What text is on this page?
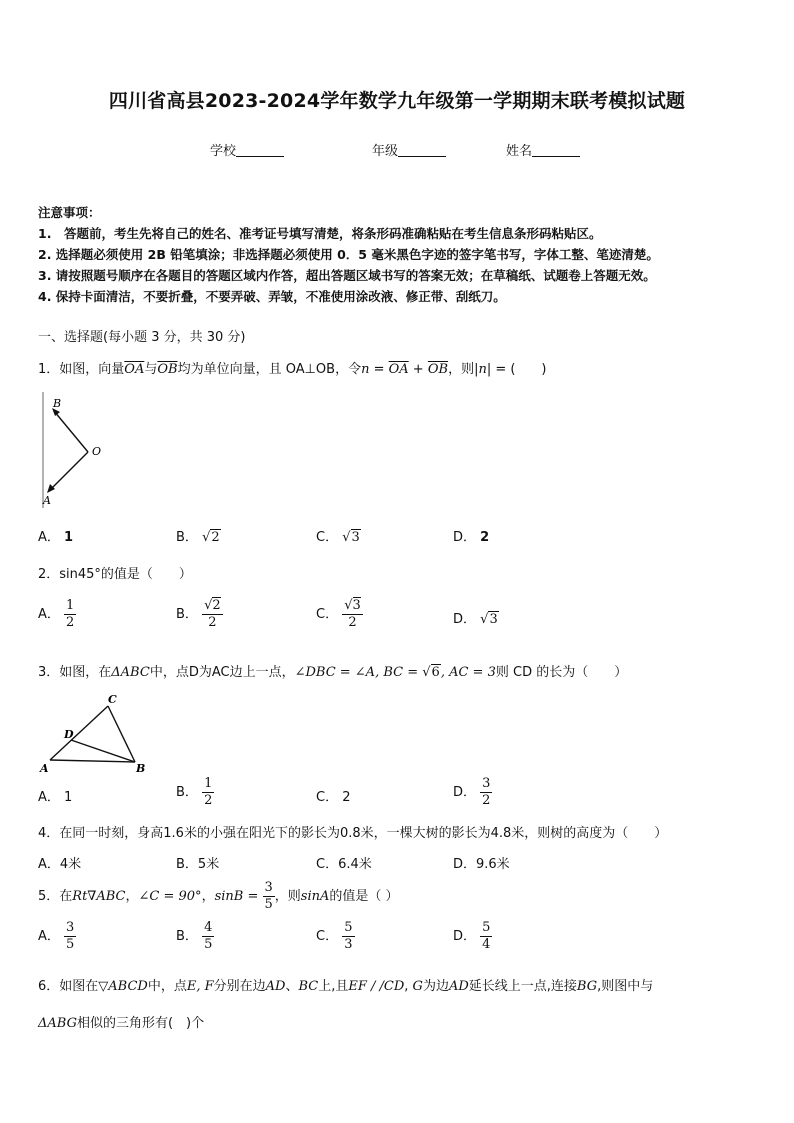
四川省高县2023-2024学年数学九年级第一学期期末联考模拟试题
学校	年级	姓名
注意事项：
1.　答题前，考生先将自己的姓名、准考证号填写清楚，将条形码准确粘贴在考生信息条形码粘贴区。
2. 选择题必须使用 2B 铅笔填涂；非选择题必须使用 0．5 毫米黑色字迹的签字笔书写，字体工整、笔迹清楚。
3. 请按照题号顺序在各题目的答题区域内作答，超出答题区域书写的答案无效；在草稿纸、试题卷上答题无效。
4. 保持卡面清洁，不要折叠，不要弄破、弄皱，不准使用涂改液、修正带、刮纸刀。
一、选择题(每小题 3 分，共 30 分)
1．如图，向量$\overline{OA}$与$\overline{OB}$均为单位向量，且 OA⊥OB，令$n = \overline{OA} + \overline{OB}$，则|n| = (　　)
B
O
A
A． 1	B． √2	C． √3	D． 2
2．sin45°的值是（　　）
A． $\frac{1}{2}$	B． $\frac{√2}{2}$	C． $\frac{√3}{2}$	D． √3
3．如图，在ΔABC中，点D为AC边上一点，∠DBC = ∠A, BC = √6, AC = 3则 CD 的长为（　　）
C
D
A	B
A． 1	B． $\frac{1}{2}$	C． 2	D． $\frac{3}{2}$
4．在同一时刻，身高1.6米的小强在阳光下的影长为0.8米，一棵大树的影长为4.8米，则树的高度为（　　）
A．4米	B．5米	C．6.4米	D．9.6米
5．在Rt∇ABC，∠C = 90°，$\sin B = \frac{3}{5}$ ，则sinA的值是（ ）
A． $\frac{3}{5}$	B． $\frac{4}{5}$	C． $\frac{5}{3}$	D． $\frac{5}{4}$
6．如图在▽ABCD中，点E, F分别在边AD、BC上,且EF / /CD, G为边AD延长线上一点,连接BG,则图中与
ΔABG相似的三角形有(　)个
